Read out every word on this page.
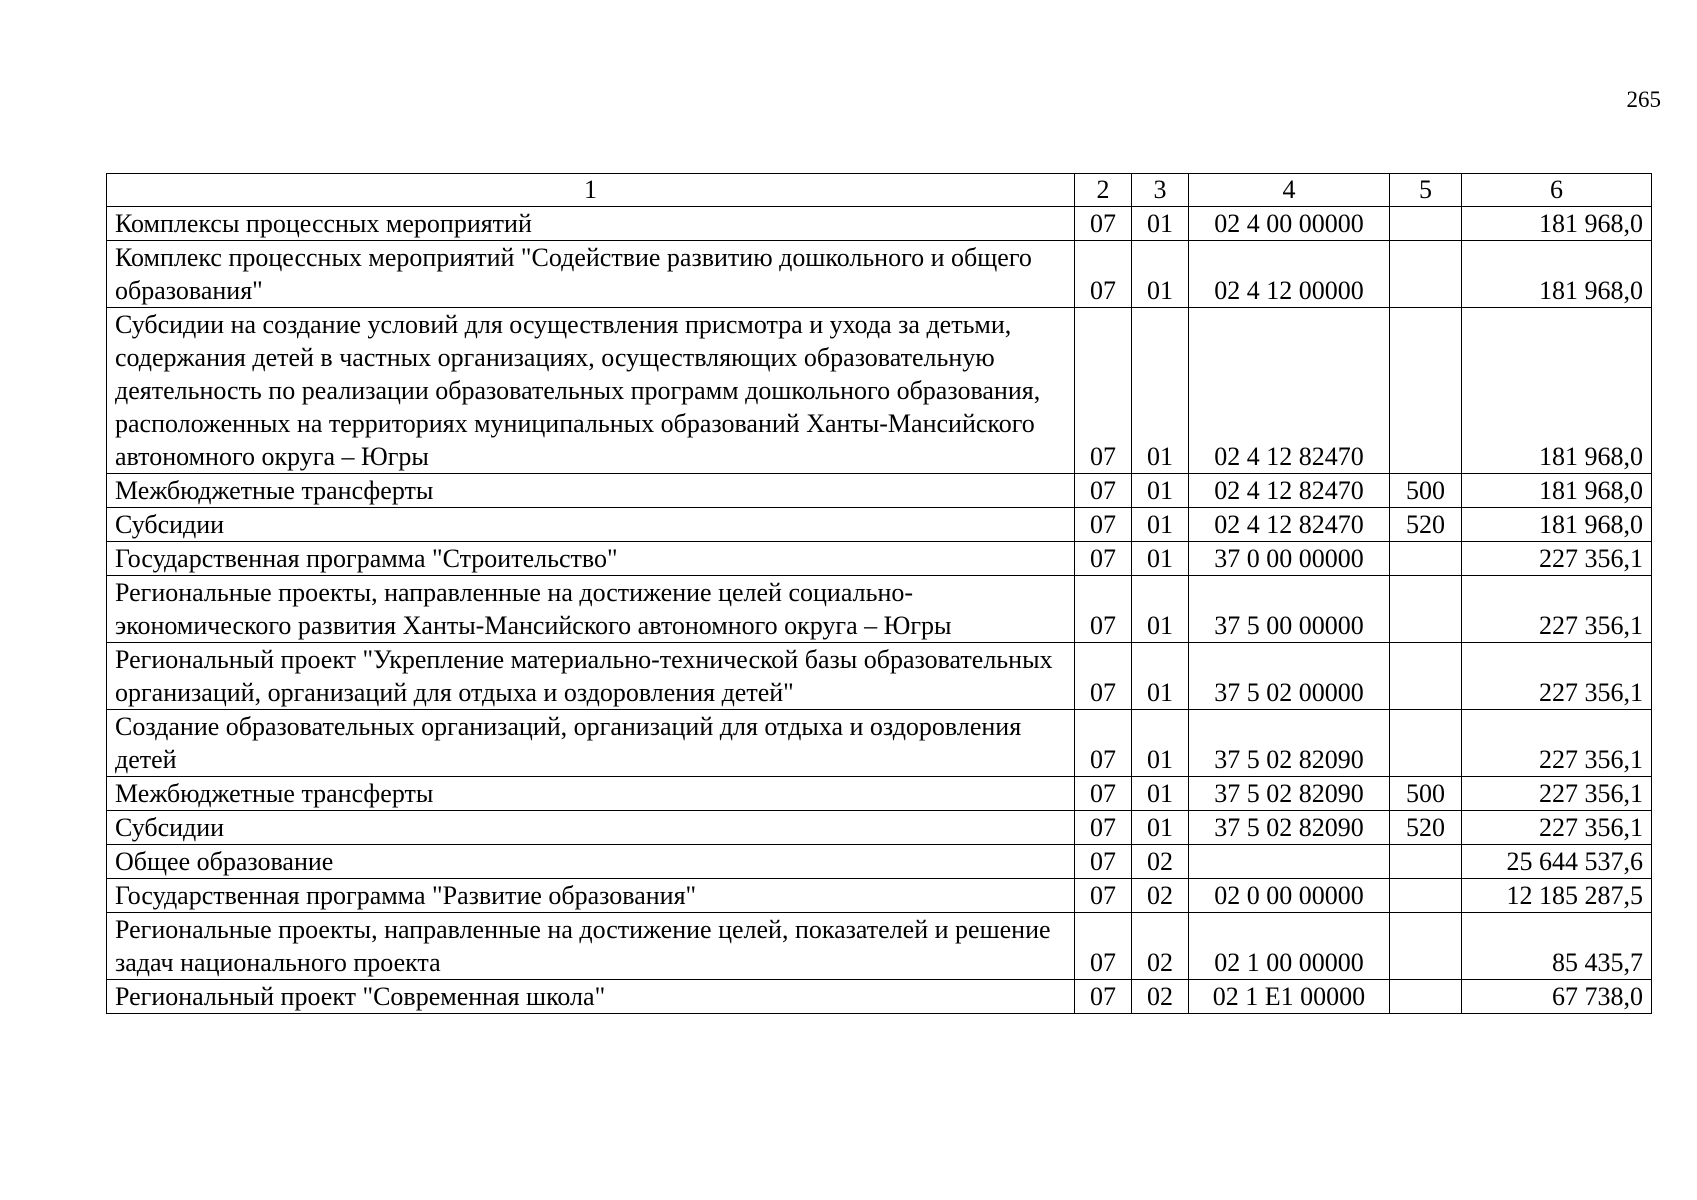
265
1	2	3	4	5	6
Комплексы процессных мероприятий	07	01	02 4 00 00000		181 968,0
Комплекс процессных мероприятий "Содействие развитию дошкольного и общего образования"	07	01	02 4 12 00000		181 968,0
Субсидии на создание условий для осуществления присмотра и ухода за детьми, содержания детей в частных организациях, осуществляющих образовательную деятельность по реализации образовательных программ дошкольного образования, расположенных на территориях муниципальных образований Ханты-Мансийского автономного округа – Югры	07	01	02 4 12 82470		181 968,0
Межбюджетные трансферты	07	01	02 4 12 82470	500	181 968,0
Субсидии	07	01	02 4 12 82470	520	181 968,0
Государственная программа "Строительство"	07	01	37 0 00 00000		227 356,1
Региональные проекты, направленные на достижение целей социально-экономического развития Ханты-Мансийского автономного округа – Югры	07	01	37 5 00 00000		227 356,1
Региональный проект "Укрепление материально-технической базы образовательных организаций, организаций для отдыха и оздоровления детей"	07	01	37 5 02 00000		227 356,1
Создание образовательных организаций, организаций для отдыха и оздоровления детей	07	01	37 5 02 82090		227 356,1
Межбюджетные трансферты	07	01	37 5 02 82090	500	227 356,1
Субсидии	07	01	37 5 02 82090	520	227 356,1
Общее образование	07	02			25 644 537,6
Государственная программа "Развитие образования"	07	02	02 0 00 00000		12 185 287,5
Региональные проекты, направленные на достижение целей, показателей и решение задач национального проекта	07	02	02 1 00 00000		85 435,7
Региональный проект "Современная школа"	07	02	02 1 E1 00000		67 738,0
